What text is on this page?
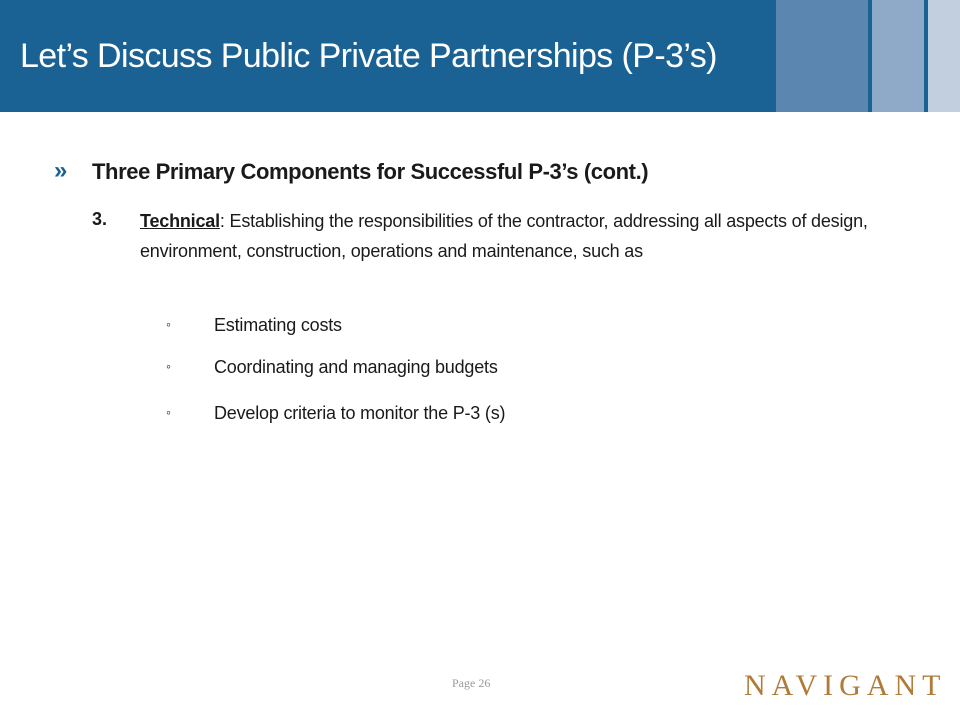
Let’s Discuss Public Private Partnerships (P-3’s)
» Three Primary Components for Successful P-3’s (cont.)
3. Technical: Establishing the responsibilities of the contractor, addressing all aspects of design, environment, construction, operations and maintenance, such as
◦ Estimating costs
◦ Coordinating and managing budgets
◦ Develop criteria to monitor the P-3 (s)
Page 26	NAVIGANT
